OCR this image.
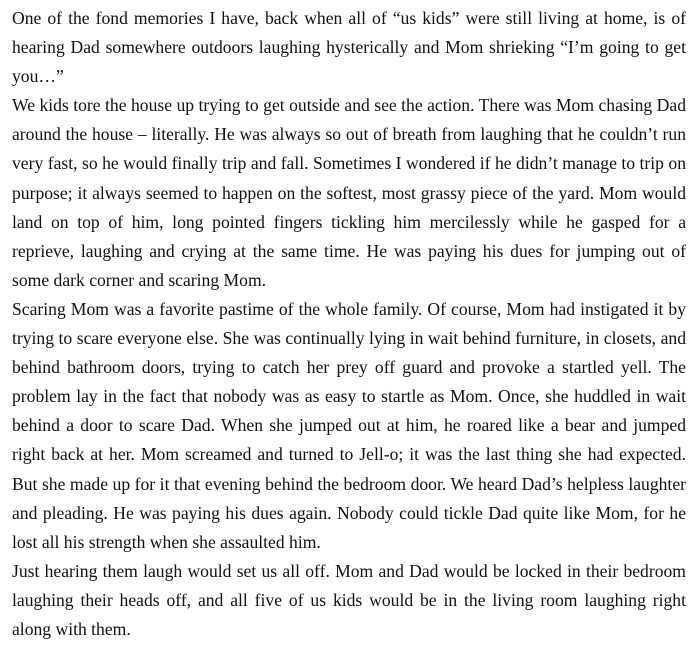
One of the fond memories I have, back when all of “us kids” were still living at home, is of hearing Dad somewhere outdoors laughing hysterically and Mom shrieking “I’m going to get you…”

We kids tore the house up trying to get outside and see the action. There was Mom chasing Dad around the house – literally. He was always so out of breath from laughing that he couldn’t run very fast, so he would finally trip and fall. Sometimes I wondered if he didn’t manage to trip on purpose; it always seemed to happen on the softest, most grassy piece of the yard. Mom would land on top of him, long pointed fingers tickling him mercilessly while he gasped for a reprieve, laughing and crying at the same time. He was paying his dues for jumping out of some dark corner and scaring Mom.

Scaring Mom was a favorite pastime of the whole family. Of course, Mom had instigated it by trying to scare everyone else. She was continually lying in wait behind furniture, in closets, and behind bathroom doors, trying to catch her prey off guard and provoke a startled yell. The problem lay in the fact that nobody was as easy to startle as Mom. Once, she huddled in wait behind a door to scare Dad. When she jumped out at him, he roared like a bear and jumped right back at her. Mom screamed and turned to Jell-o; it was the last thing she had expected. But she made up for it that evening behind the bedroom door. We heard Dad’s helpless laughter and pleading. He was paying his dues again. Nobody could tickle Dad quite like Mom, for he lost all his strength when she assaulted him.

Just hearing them laugh would set us all off. Mom and Dad would be locked in their bedroom laughing their heads off, and all five of us kids would be in the living room laughing right along with them.
